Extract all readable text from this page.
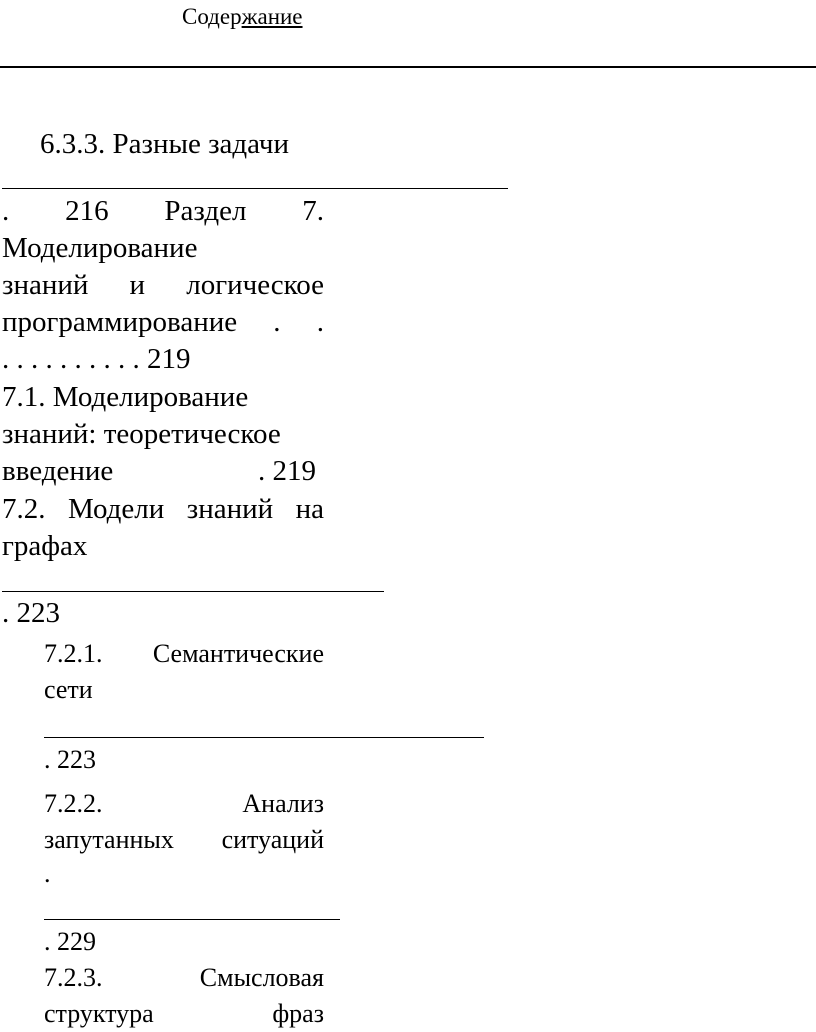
Содержание
6.3.3. Разные задачи
. 216 Раздел 7.
Моделирование
знаний и логическое
программирование . .
. . . . . . . . . . 219
7.1. Моделирование
знаний: теоретическое
введение	. 219
7.2. Модели знаний на
графах
. 223
7.2.1. Семантические
сети
. 223
7.2.2. Анализ
запутанных ситуаций
.
. 229
7.2.3. Смысловая
структура фраз
